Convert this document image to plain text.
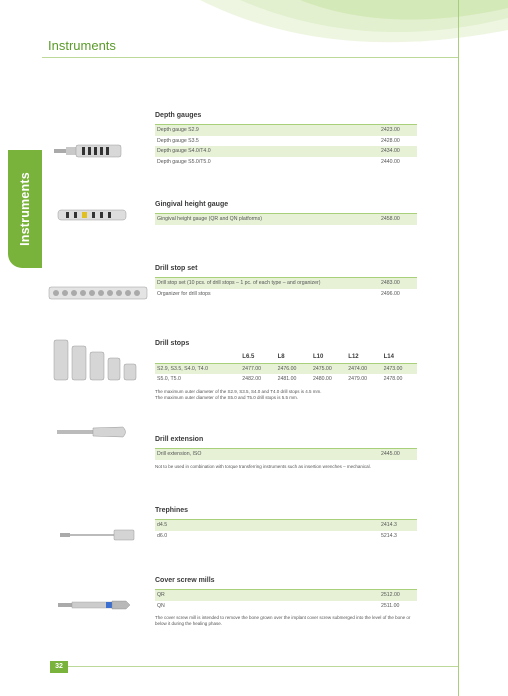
Instruments
Instruments
Depth gauges
Depth gauge S2.9	2423.00
Depth gauge S3.5	2428.00
Depth gauge S4.0/T4.0	2434.00
Depth gauge S5.0/T5.0	2440.00
Gingival height gauge
Gingival height gauge (QR and QN platforms)	2458.00
Drill stop set
Drill stop set (10 pcs. of drill stops – 1 pc. of each type – and organizer)	2483.00
Organizer for drill stops	2496.00
Drill stops
	L6.5	L8	L10	L12	L14
S2.9, S3.5, S4.0, T4.0	2477.00	2476.00	2475.00	2474.00	2473.00
S5.0, T5.0	2482.00	2481.00	2480.00	2479.00	2478.00
The maximum outer diameter of the S2.9, S3.5, S4.0 and T4.0 drill stops is 4.5 mm.
The maximum outer diameter of the S5.0 and T5.0 drill stops is 5.5 mm.
Drill extension
Drill extension, ISO	2445.00
Not to be used in combination with torque transferring instruments such as insertion wrenches – mechanical.
Trephines
d4.5	2414.3
d6.0	5214.3
Cover screw mills
QR	2512.00
QN	2511.00
The cover screw mill is intended to remove the bone grown over the implant cover screw submerged into the level of the bone or below it during the healing phase.
32
